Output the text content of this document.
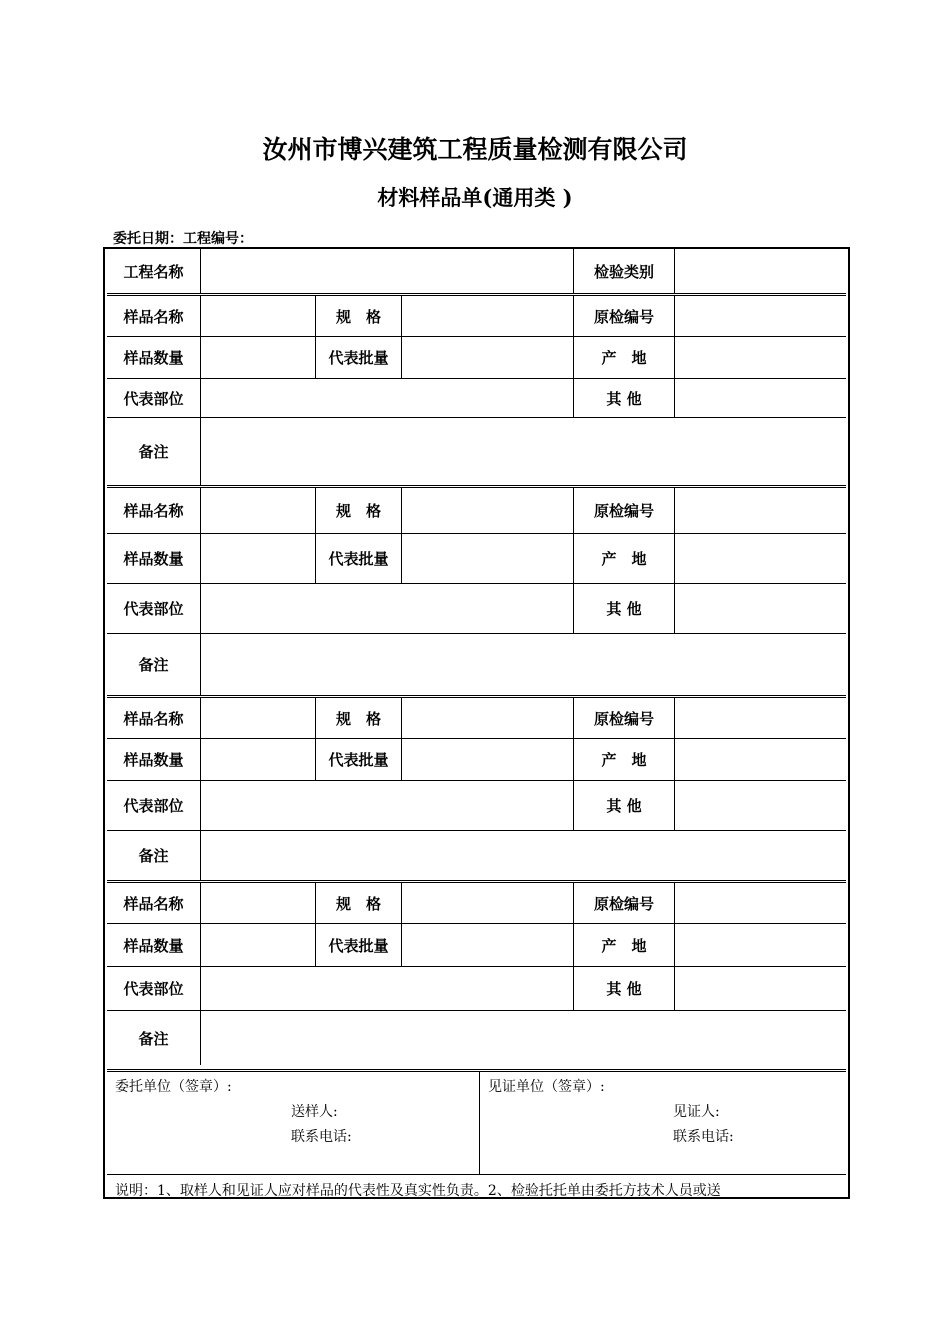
汝州市博兴建筑工程质量检测有限公司
材料样品单(通用类 )
委托日期：工程编号：
工程名称	检验类别
样品名称	规　格	原检编号
样品数量	代表批量	产　地
代表部位	其 他
备注
样品名称	规　格	原检编号
样品数量	代表批量	产　地
代表部位	其 他
备注
样品名称	规　格	原检编号
样品数量	代表批量	产　地
代表部位	其 他
备注
样品名称	规　格	原检编号
样品数量	代表批量	产　地
代表部位	其 他
备注
委托单位（签章）:
送样人:
联系电话:
见证单位（签章）:
见证人:
联系电话:
说明：1、取样人和见证人应对样品的代表性及真实性负责。2、检验托托单由委托方技术人员或送
